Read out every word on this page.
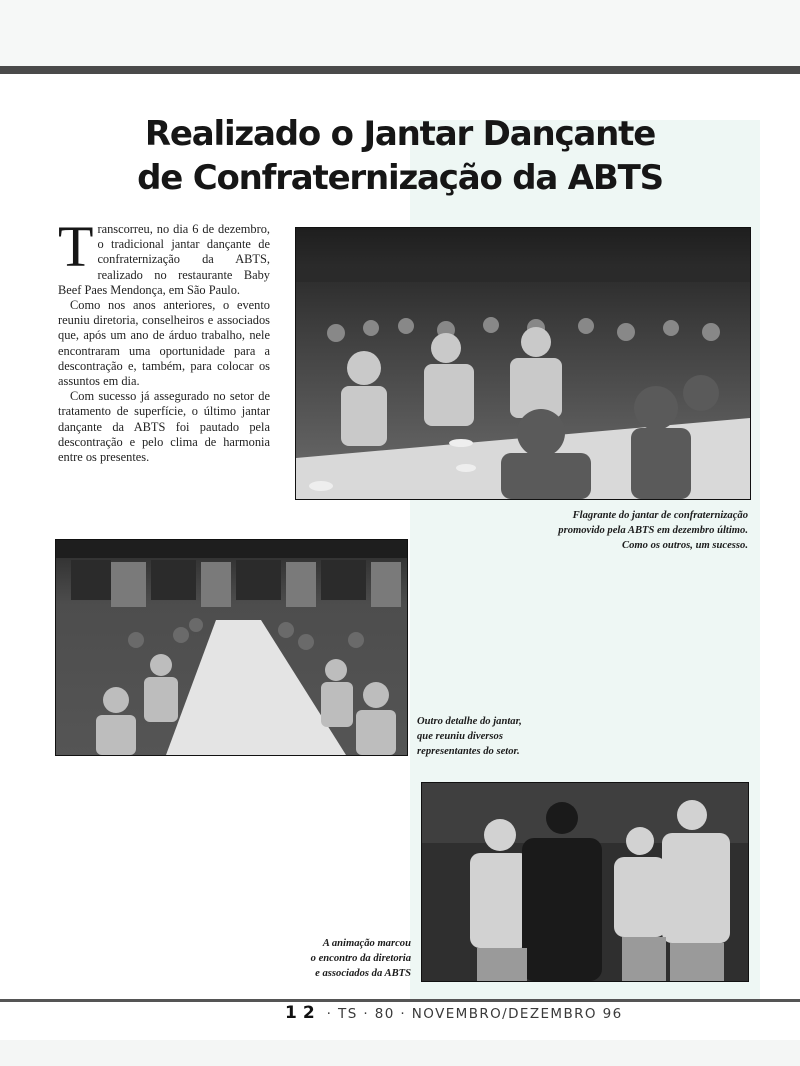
Realizado o Jantar Dançante
de Confraternização da ABTS

Transcorreu, no dia 6 de dezembro, o tradicional jantar dançante de confraternização da ABTS, realizado no restaurante Baby Beef Paes Mendonça, em São Paulo.

Como nos anos anteriores, o evento reuniu diretoria, conselheiros e associados que, após um ano de árduo trabalho, nele encontraram uma oportunidade para a descontração e, também, para colocar os assuntos em dia.

Com sucesso já assegurado no setor de tratamento de superfície, o último jantar dançante da ABTS foi pautado pela descontração e pelo clima de harmonia entre os presentes.

Flagrante do jantar de confraternização
promovido pela ABTS em dezembro último.
Como os outros, um sucesso.

Outro detalhe do jantar,
que reuniu diversos
representantes do setor.

A animação marcou
o encontro da diretoria
e associados da ABTS

12 · TS · 80 · NOVEMBRO/DEZEMBRO 96
